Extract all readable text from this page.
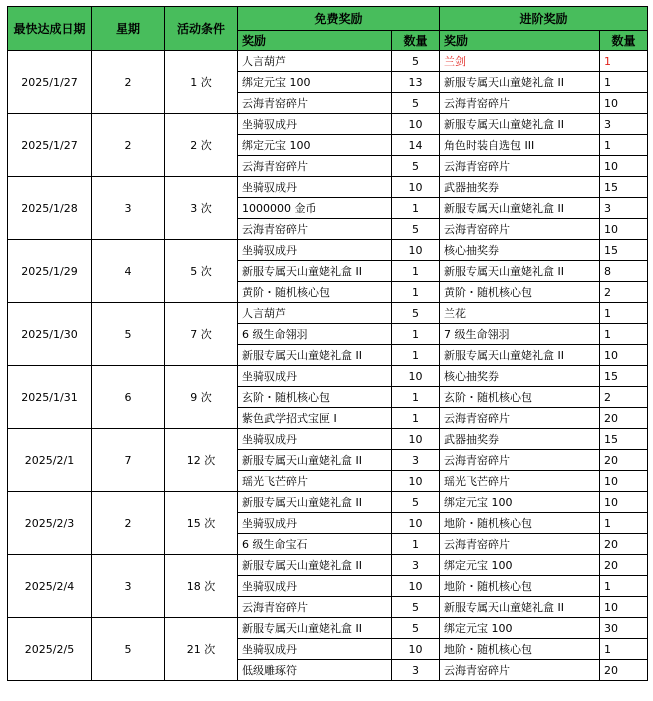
最快达成日期	星期	活动条件	免费奖励		进阶奖励	
			奖励	数量	奖励	数量
2025/1/27	2	1 次	人言葫芦	5	兰剑	1
			绑定元宝 100	13	新服专属天山童姥礼盒 II	1
			云海青窑碎片	5	云海青窑碎片	10
2025/1/27	2	2 次	坐骑驭成丹	10	新服专属天山童姥礼盒 II	3
			绑定元宝 100	14	角色时装自选包 III	1
			云海青窑碎片	5	云海青窑碎片	10
2025/1/28	3	3 次	坐骑驭成丹	10	武器抽奖券	15
			1000000 金币	1	新服专属天山童姥礼盒 II	3
			云海青窑碎片	5	云海青窑碎片	10
2025/1/29	4	5 次	坐骑驭成丹	10	核心抽奖券	15
			新服专属天山童姥礼盒 II	1	新服专属天山童姥礼盒 II	8
			黄阶・随机核心包	1	黄阶・随机核心包	2
2025/1/30	5	7 次	人言葫芦	5	兰花	1
			6 级生命翎羽	1	7 级生命翎羽	1
			新服专属天山童姥礼盒 II	1	新服专属天山童姥礼盒 II	10
2025/1/31	6	9 次	坐骑驭成丹	10	核心抽奖券	15
			玄阶・随机核心包	1	玄阶・随机核心包	2
			紫色武学招式宝匣 I	1	云海青窑碎片	20
2025/2/1	7	12 次	坐骑驭成丹	10	武器抽奖券	15
			新服专属天山童姥礼盒 II	3	云海青窑碎片	20
			瑶光飞芒碎片	10	瑶光飞芒碎片	10
2025/2/3	2	15 次	新服专属天山童姥礼盒 II	5	绑定元宝 100	10
			坐骑驭成丹	10	地阶・随机核心包	1
			6 级生命宝石	1	云海青窑碎片	20
2025/2/4	3	18 次	新服专属天山童姥礼盒 II	3	绑定元宝 100	20
			坐骑驭成丹	10	地阶・随机核心包	1
			云海青窑碎片	5	新服专属天山童姥礼盒 II	10
2025/2/5	5	21 次	新服专属天山童姥礼盒 II	5	绑定元宝 100	30
			坐骑驭成丹	10	地阶・随机核心包	1
			低级雕琢符	3	云海青窑碎片	20
